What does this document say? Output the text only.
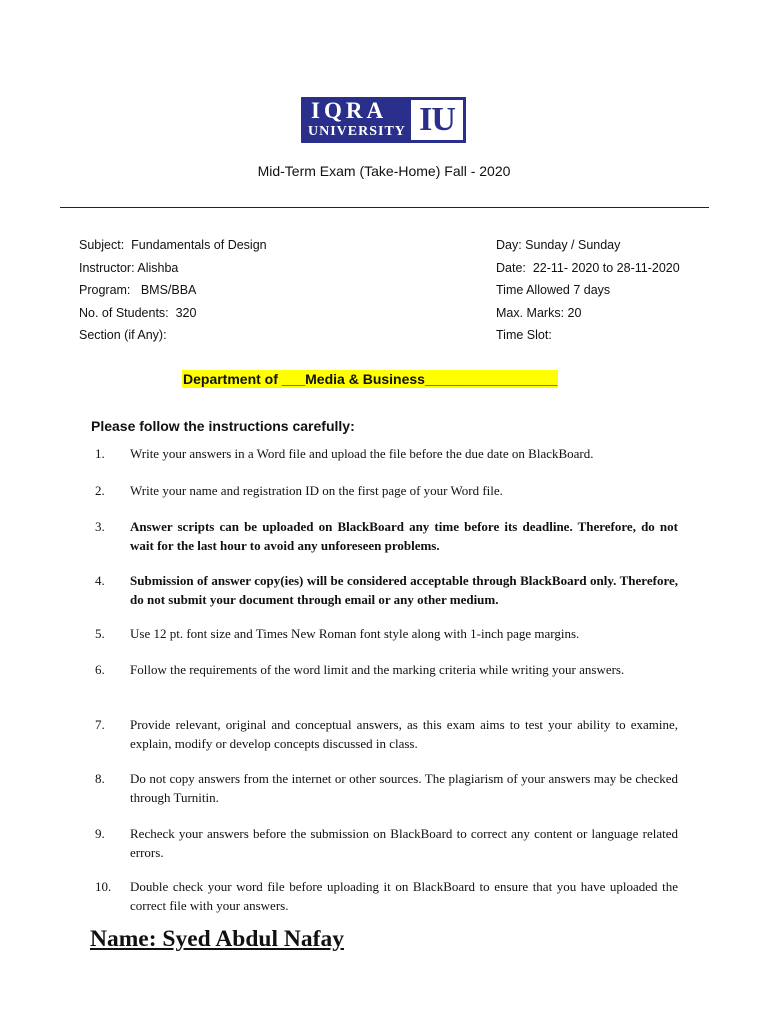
IQRA
UNIVERSITY IU
Mid-Term Exam (Take-Home) Fall - 2020
Subject:  Fundamentals of Design
Instructor: Alishba
Program:   BMS/BBA
No. of Students:  320
Section (if Any):
Day: Sunday / Sunday
Date:  22-11- 2020 to 28-11-2020
Time Allowed 7 days
Max. Marks: 20
Time Slot:
Department of ___Media & Business_________________
Please follow the instructions carefully:
1. Write your answers in a Word file and upload the file before the due date on BlackBoard.
2. Write your name and registration ID on the first page of your Word file.
3. Answer scripts can be uploaded on BlackBoard any time before its deadline. Therefore, do not wait for the last hour to avoid any unforeseen problems.
4. Submission of answer copy(ies) will be considered acceptable through BlackBoard only. Therefore, do not submit your document through email or any other medium.
5. Use 12 pt. font size and Times New Roman font style along with 1-inch page margins.
6. Follow the requirements of the word limit and the marking criteria while writing your answers.
7. Provide relevant, original and conceptual answers, as this exam aims to test your ability to examine, explain, modify or develop concepts discussed in class.
8. Do not copy answers from the internet or other sources. The plagiarism of your answers may be checked through Turnitin.
9. Recheck your answers before the submission on BlackBoard to correct any content or language related errors.
10. Double check your word file before uploading it on BlackBoard to ensure that you have uploaded the correct file with your answers.
Name: Syed Abdul Nafay
